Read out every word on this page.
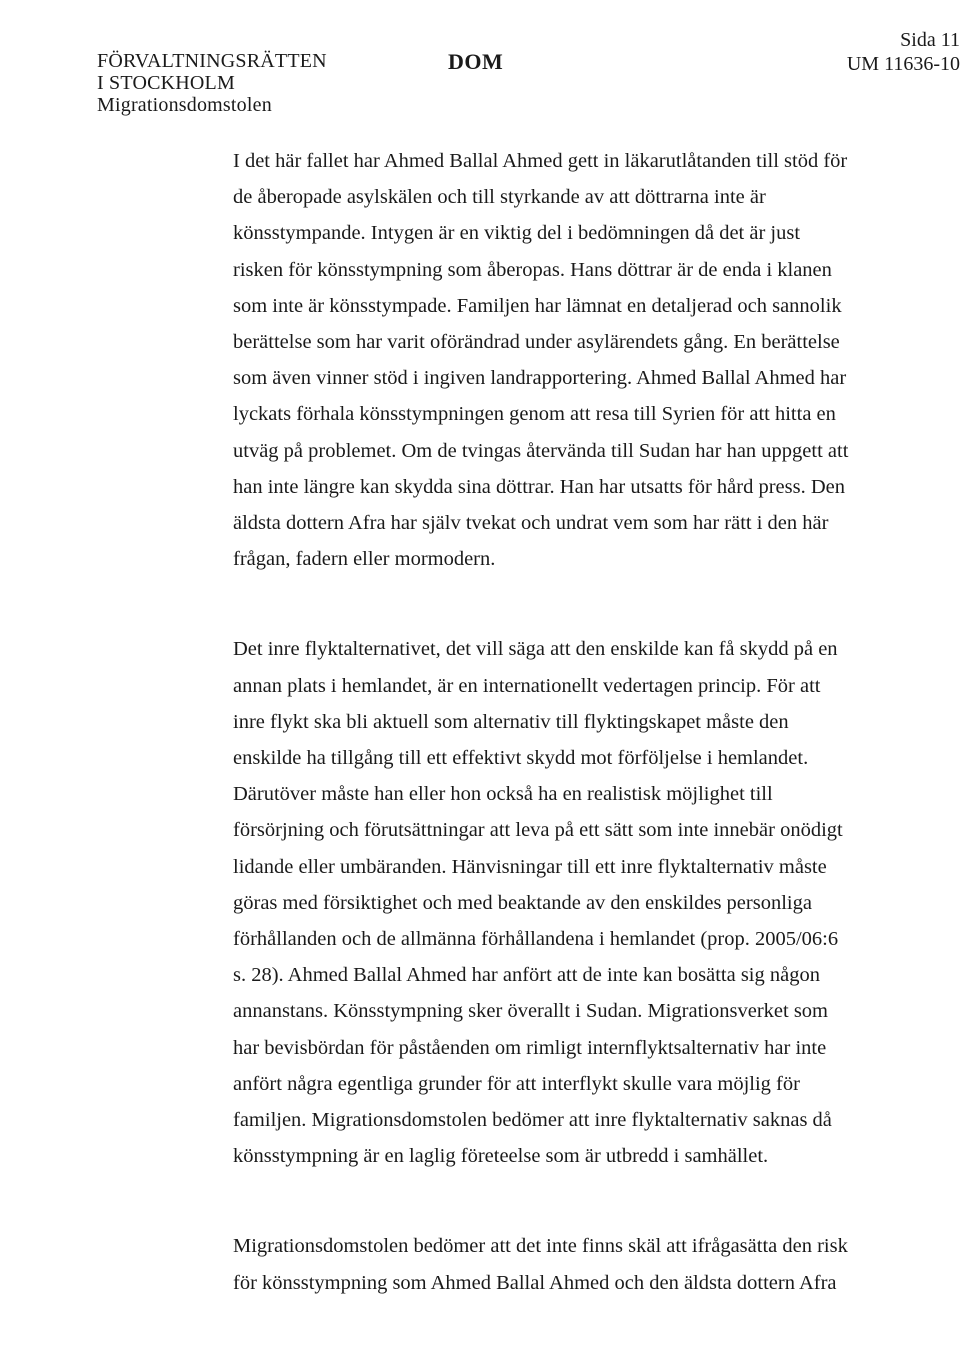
FÖRVALTNINGSRÄTTEN
I STOCKHOLM
Migrationsdomstolen
DOM
Sida 11
UM 11636-10
I det här fallet har Ahmed Ballal Ahmed gett in läkarutlåtanden till stöd för
de åberopade asylskälen och till styrkande av att döttrarna inte är
könsstympande. Intygen är en viktig del i bedömningen då det är just
risken för könsstympning som åberopas. Hans döttrar är de enda i klanen
som inte är könsstympade. Familjen har lämnat en detaljerad och sannolik
berättelse som har varit oförändrad under asylärendets gång. En berättelse
som även vinner stöd i ingiven landrapportering. Ahmed Ballal Ahmed har
lyckats förhala könsstympningen genom att resa till Syrien för att hitta en
utväg på problemet. Om de tvingas återvända till Sudan har han uppgett att
han inte längre kan skydda sina döttrar. Han har utsatts för hård press. Den
äldsta dottern Afra har själv tvekat och undrat vem som har rätt i den här
frågan, fadern eller mormodern.
Det inre flyktalternativet, det vill säga att den enskilde kan få skydd på en
annan plats i hemlandet, är en internationellt vedertagen princip. För att
inre flykt ska bli aktuell som alternativ till flyktingskapet måste den
enskilde ha tillgång till ett effektivt skydd mot förföljelse i hemlandet.
Därutöver måste han eller hon också ha en realistisk möjlighet till
försörjning och förutsättningar att leva på ett sätt som inte innebär onödigt
lidande eller umbäranden. Hänvisningar till ett inre flyktalternativ måste
göras med försiktighet och med beaktande av den enskildes personliga
förhållanden och de allmänna förhållandena i hemlandet (prop. 2005/06:6
s. 28). Ahmed Ballal Ahmed har anfört att de inte kan bosätta sig någon
annanstans. Könsstympning sker överallt i Sudan. Migrationsverket som
har bevisbördan för påståenden om rimligt internflyktsalternativ har inte
anfört några egentliga grunder för att interflykt skulle vara möjlig för
familjen. Migrationsdomstolen bedömer att inre flyktalternativ saknas då
könsstympning är en laglig företeelse som är utbredd i samhället.
Migrationsdomstolen bedömer att det inte finns skäl att ifrågasätta den risk
för könsstympning som Ahmed Ballal Ahmed och den äldsta dottern Afra
